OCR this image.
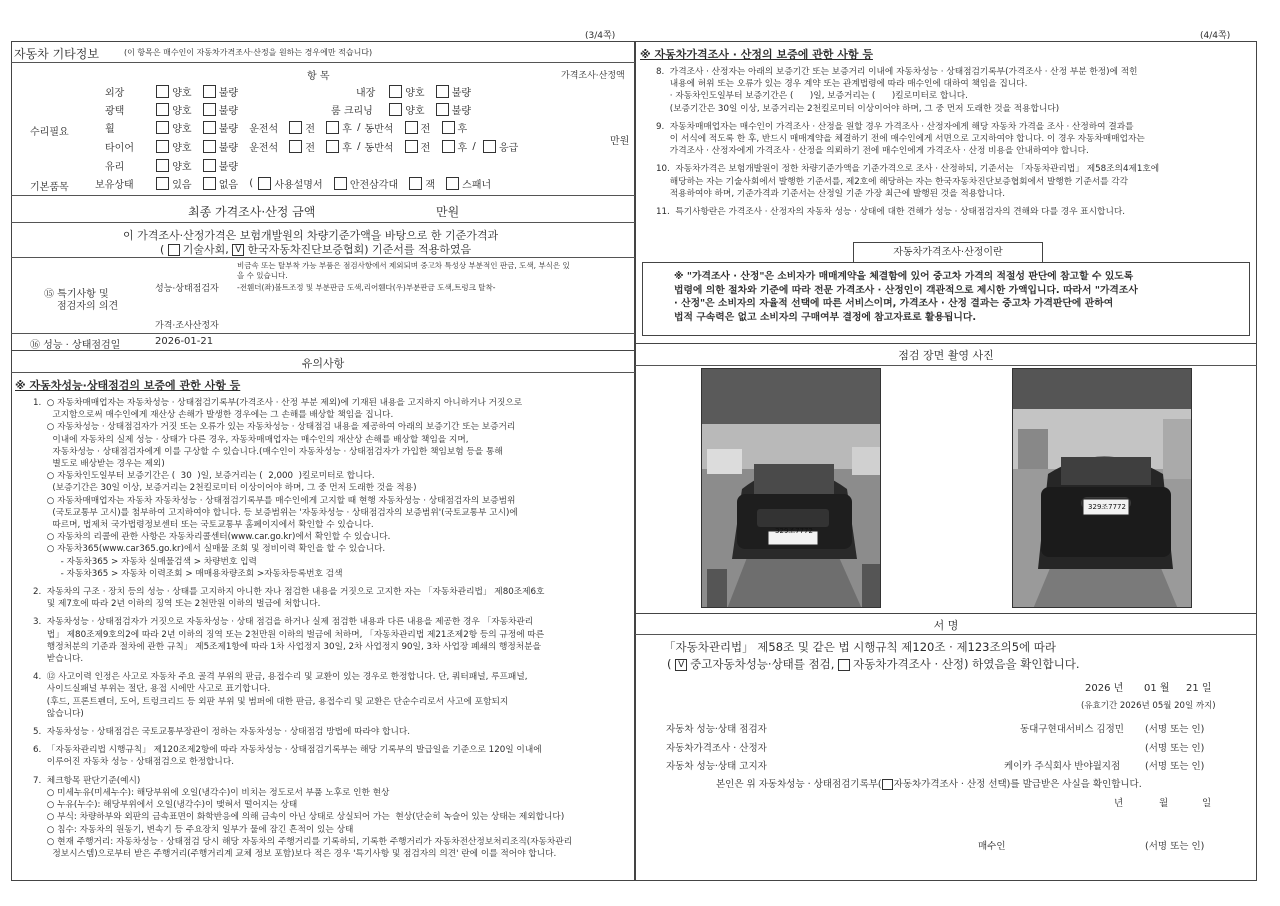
(3/4쪽)
자동차 기타정보	(이 항목은 매수인이 자동차가격조사·산정을 원하는 경우에만 적습니다)
항 목	가격조사·산정액
수리필요
만원
외장	양호	불량	내장	양호	불량
광택	양호	불량	룸 크리닝	양호	불량
휠	양호	불량 운전석	전	후 / 동반석	전	후
타이어	양호	불량 운전석	전	후 / 동반석	전	후 / 응급
유리	양호	불량
기본품목	보유상태	있음	없음 ( 사용설명서	안전삼각대	잭	스패너
최종 가격조사·산정 금액	만원
이 가격조사·산정가격은 보험개발원의 차량기준가액을 바탕으로 한 기준가격과
( 기술사회, V 한국자동차진단보증협회) 기준서를 적용하였음
⑮ 특기사항 및
점검자의 의견
성능·상태점검자
비금속 또는 탈부착 가능 부품은 점검사항에서 제외되며 중고차 특성상 부분적인 판금, 도색, 부식은 있
을 수 있습니다.
-전휀더(좌)볼트조정 및 부분판금 도색,리어휀다(우)부분판금 도색,트렁크 탈착-
가격·조사산정자
⑯ 성능 · 상태점검일	2026-01-21
유의사항
※ 자동차성능·상태점검의 보증에 관한 사항 등

1.  ○ 자동차매매업자는 자동차성능 · 상태점검기록부(가격조사 · 산정 부분 제외)에 기재된 내용을 고지하지 아니하거나 거짓으로

고지함으로써 매수인에게 재산상 손해가 발생한 경우에는 그 손해를 배상할 책임을 집니다.

○ 자동차성능 · 상태점검자가 거짓 또는 오류가 있는 자동차성능 · 상태점검 내용을 제공하여 아래의 보증기간 또는 보증거리

이내에 자동차의 실제 성능 · 상태가 다른 경우, 자동차매매업자는 매수인의 재산상 손해를 배상할 책임을 지며,

자동차성능 · 상태점검자에게 이를 구상할 수 있습니다.(매수인이 자동차성능 · 상태점검자가 가입한 책임보험 등을 통해

별도로 배상받는 경우는 제외)

○ 자동차인도일부터 보증기간은 (  30  )일, 보증거리는 (  2,000  )킬로미터로 합니다.

(보증기간은 30일 이상, 보증거리는 2천킬로미터 이상이어야 하며, 그 중 먼저 도래한 것을 적용)

○ 자동차매매업자는 자동차 자동차성능 · 상태점검기록부를 매수인에게 고지할 때 현행 자동차성능 · 상태점검자의 보증범위

(국토교통부 고시)를 첨부하여 고지하여야 합니다. 등 보증범위는 '자동차성능 · 상태점검자의 보증범위'(국토교통부 고시)에

따르며, 법제처 국가법령정보센터 또는 국토교통부 홈페이지에서 확인할 수 있습니다.

○ 자동차의 리콜에 관한 사항은 자동차리콜센터(www.car.go.kr)에서 확인할 수 있습니다.

○ 자동차365(www.car365.go.kr)에서 실매물 조회 및 정비이력 확인을 할 수 있습니다.

- 자동차365 > 자동차 실매물검색 > 차량번호 입력

- 자동차365 > 자동차 이력조회 > 매매용차량조회 >자동차등록번호 검색

2.  자동차의 구조 · 장치 등의 성능 · 상태를 고지하지 아니한 자나 점검한 내용을 거짓으로 고지한 자는 「자동차관리법」 제80조제6호

및 제7호에 따라 2년 이하의 징역 또는 2천만원 이하의 벌금에 처합니다.

3.  자동차성능 · 상태점검자가 거짓으로 자동차성능 · 상태 점검을 하거나 실제 점검한 내용과 다른 내용을 제공한 경우 「자동차관리

법」 제80조제9호의2에 따라 2년 이하의 징역 또는 2천만원 이하의 벌금에 처하며, 「자동차관리법 제21조제2항 등의 규정에 따른

행정처분의 기준과 절차에 관한 규칙」 제5조제1항에 따라 1차 사업정지 30일, 2차 사업정지 90일, 3차 사업장 폐쇄의 행정처분을

받습니다.

4.  ⑫ 사고이력 인정은 사고로 자동차 주요 골격 부위의 판금, 용접수리 및 교환이 있는 경우로 한정합니다. 단, 쿼터패널, 루프패널,

사이드실패널 부위는 절단, 용접 시에만 사고로 표기합니다.

(후드, 프론트펜더, 도어, 트렁크리드 등 외판 부위 및 범퍼에 대한 판금, 용접수리 및 교환은 단순수리로서 사고에 포함되지

않습니다)

5.  자동차성능 · 상태점검은 국토교통부장관이 정하는 자동차성능 · 상태점검 방법에 따라야 합니다.

6.  「자동차관리법 시행규칙」 제120조제2항에 따라 자동차성능 · 상태점검기록부는 해당 기록부의 발급일을 기준으로 120일 이내에

이루어진 자동차 성능 · 상태점검으로 한정합니다.

7.  체크항목 판단기준(예시)

○ 미세누유(미세누수): 해당부위에 오일(냉각수)이 비치는 정도로서 부품 노후로 인한 현상

○ 누유(누수): 해당부위에서 오일(냉각수)이 맺혀서 떨어지는 상태

○ 부식: 차량하부와 외판의 금속표면이 화학반응에 의해 금속이 아닌 상태로 상실되어 가는  현상(단순히 녹슬어 있는 상태는 제외합니다)

○ 침수: 자동차의 원동기, 변속기 등 주요장치 일부가 물에 잠긴 흔적이 있는 상태

○ 현재 주행거리: 자동차성능 · 상태점검 당시 해당 자동차의 주행거리를 기록하되, 기록한 주행거리가 자동차전산정보처리조직(자동차관리

정보시스템)으로부터 받은 주행거리(주행거리계 교체 정보 포함)보다 적은 경우 '특기사항 및 점검자의 의견' 란에 이를 적어야 합니다.

(4/4쪽)
※ 자동차가격조사 · 산정의 보증에 관한 사항 등

8.  가격조사 · 산정자는 아래의 보증기간 또는 보증거리 이내에 자동차성능 · 상태점검기록부(가격조사 · 산정 부분 한정)에 적힌

내용에 허위 또는 오류가 있는 경우 계약 또는 관계법령에 따라 매수인에 대하여 책임을 집니다.

· 자동차인도일부터 보증기간은 (      )일, 보증거리는 (      )킬로미터로 합니다.

(보증기간은 30일 이상, 보증거리는 2천킬로미터 이상이어야 하며, 그 중 먼저 도래한 것을 적용합니다)

9.  자동차매매업자는 매수인이 가격조사 · 산정을 원할 경우 가격조사 · 산정자에게 해당 자동차 가격을 조사 · 산정하여 결과를

이 서식에 적도록 한 후, 반드시 매매계약을 체결하기 전에 매수인에게 서면으로 고지하여야 합니다. 이 경우 자동차매매업자는

가격조사 · 산정자에게 가격조사 · 산정을 의뢰하기 전에 매수인에게 가격조사 · 산정 비용을 안내하여야 합니다.

10.  자동차가격은 보험개발원이 정한 차량기준가액을 기준가격으로 조사 · 산정하되, 기준서는 「자동차관리법」 제58조의4제1호에

해당하는 자는 기술사회에서 발행한 기준서를, 제2호에 해당하는 자는 한국자동차진단보증협회에서 발행한 기준서를 각각

적용하여야 하며, 기준가격과 기준서는 산정일 기준 가장 최근에 발행된 것을 적용합니다.

11.  특기사항란은 가격조사 · 산정자의 자동차 성능 · 상태에 대한 견해가 성능 · 상태점검자의 견해와 다를 경우 표시합니다.

자동차가격조사·산정이란

※ "가격조사 · 산정"은 소비자가 매매계약을 체결함에 있어 중고차 가격의 적절성 판단에 참고할 수 있도록

법령에 의한 절차와 기준에 따라 전문 가격조사 · 산정인이 객관적으로 제시한 가액입니다. 따라서 "가격조사

· 산정"은 소비자의 자율적 선택에 따른 서비스이며, 가격조사 · 산정 결과는 중고차 가격판단에 관하여

법적 구속력은 없고 소비자의 구매여부 결정에 참고자료로 활용됩니다.

점검 장면 촬영 사진
329조7772
329조7772
서 명
「자동차관리법」 제58조 및 같은 법 시행규칙 제120조 · 제123조의5에 따라
( V 중고자동차성능·상태를 점검, 자동차가격조사 · 산정) 하였음을 확인합니다.
2026 년 01 월 21 일
(유효기간 2026년 05월 20일 까지)
자동차 성능·상태 점검자	동대구현대서비스 김정민 (서명 또는 인)
자동차가격조사 · 산정자	(서명 또는 인)
자동차 성능·상태 고지자	케이카 주식회사 반야월지점	(서명 또는 인)
본인은 위 자동차성능 · 상태점검기록부( 자동차가격조사 · 산정 선택)를 발급받은 사실을 확인합니다.
년	월	일
매수인	(서명 또는 인)
